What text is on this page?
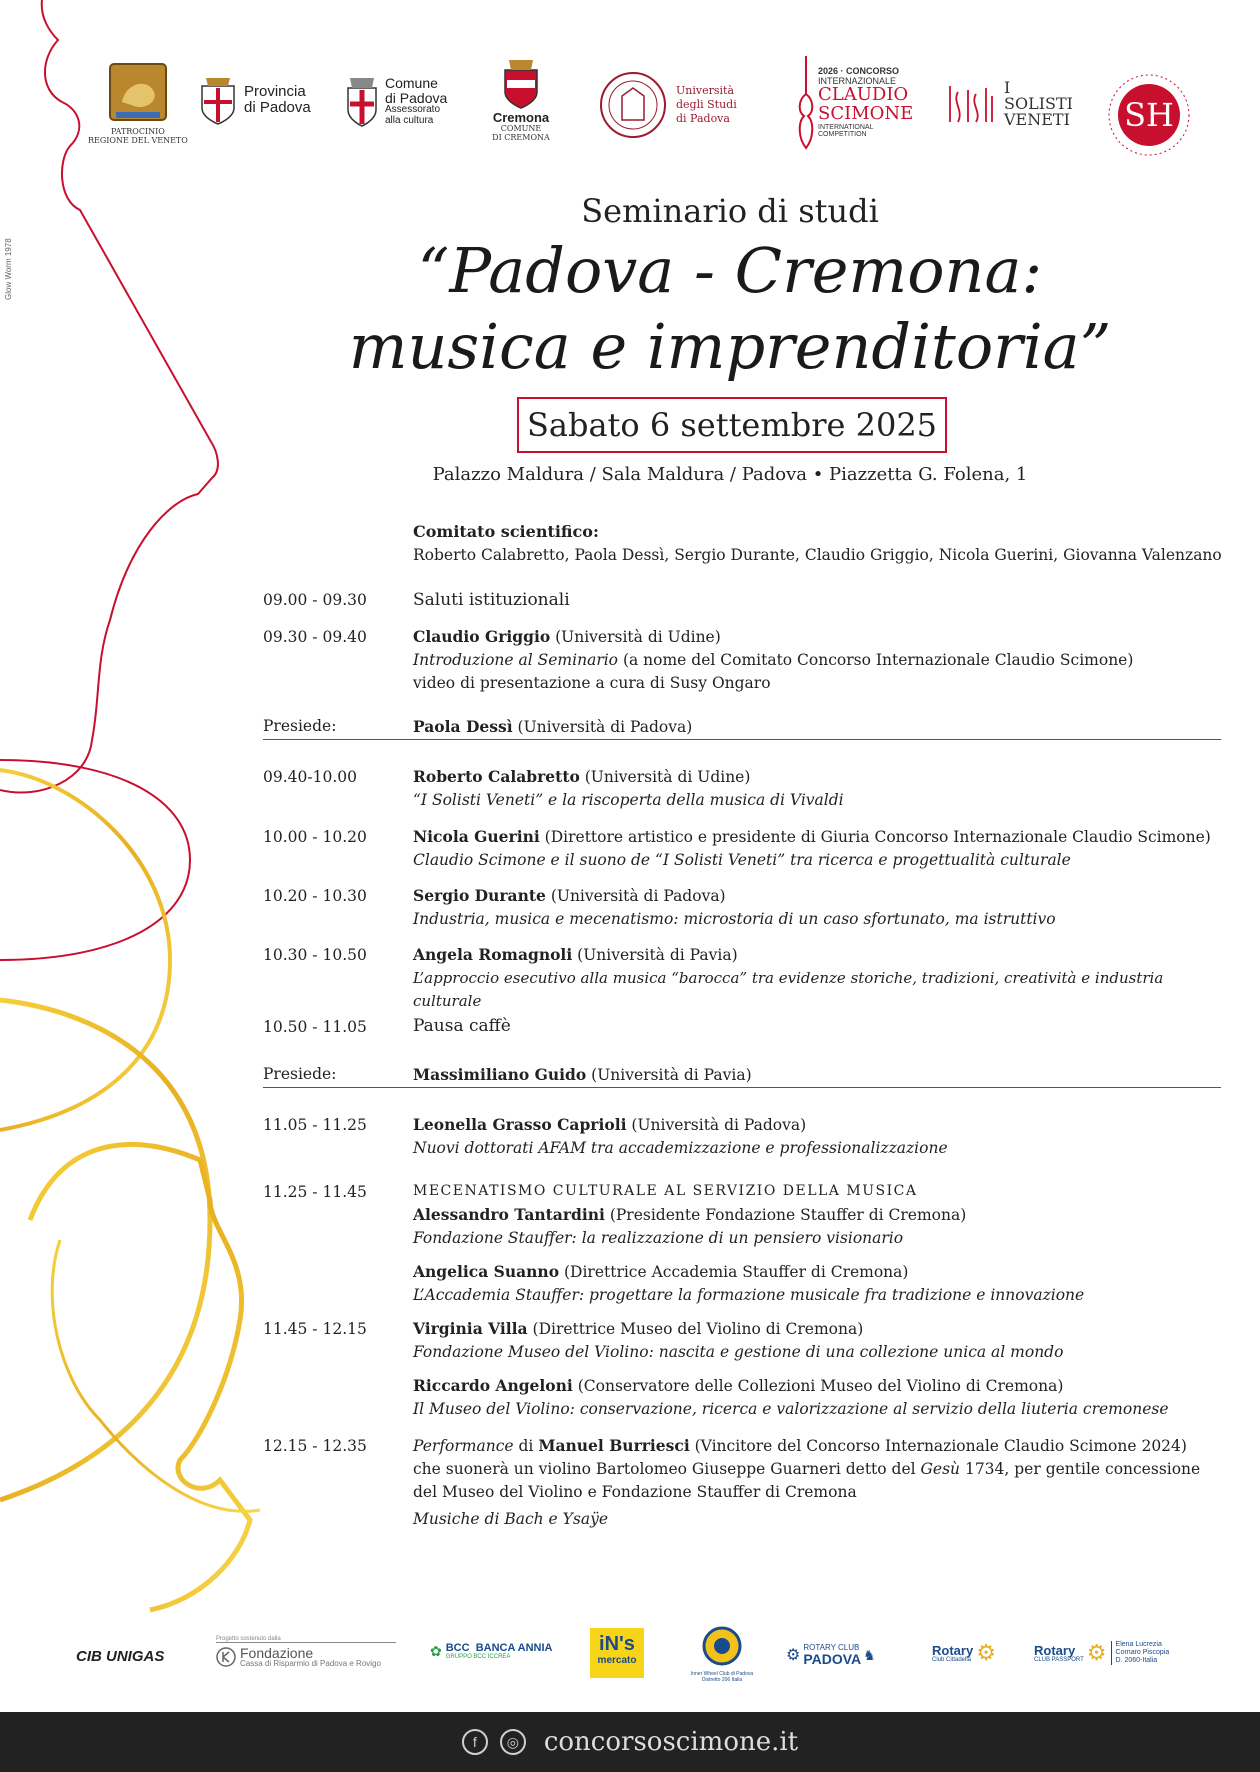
Glow Worm 1978
PATROCINIO
REGIONE DEL VENETO
Provincia
di Padova
Comune
di Padova
Assessorato
alla cultura	Cremona
COMUNE
DI CREMONA
Università
degli Studi
di Padova
2026 · CONCORSO
INTERNAZIONALE
CLAUDIO
SCIMONE
INTERNATIONAL
COMPETITION
I
SOLISTI
VENETI	SH
Seminario di studi
“Padova - Cremona:
musica e imprenditoria”
Sabato 6 settembre 2025
Palazzo Maldura / Sala Maldura / Padova • Piazzetta G. Folena, 1
Comitato scientifico:
Roberto Calabretto, Paola Dessì, Sergio Durante, Claudio Griggio, Nicola Guerini, Giovanna Valenzano
09.00 - 09.30	Saluti istituzionali
09.30 - 09.40	Claudio Griggio (Università di Udine)
Introduzione al Seminario (a nome del Comitato Concorso Internazionale Claudio Scimone)
video di presentazione a cura di Susy Ongaro
Presiede:	Paola Dessì (Università di Padova)
09.40-10.00	Roberto Calabretto (Università di Udine)
“I Solisti Veneti” e la riscoperta della musica di Vivaldi
10.00 - 10.20	Nicola Guerini (Direttore artistico e presidente di Giuria Concorso Internazionale Claudio Scimone)
Claudio Scimone e il suono de “I Solisti Veneti” tra ricerca e progettualità culturale
10.20 - 10.30	Sergio Durante (Università di Padova)
Industria, musica e mecenatismo: microstoria di un caso sfortunato, ma istruttivo
10.30 - 10.50	Angela Romagnoli (Università di Pavia)
L’approccio esecutivo alla musica “barocca” tra evidenze storiche, tradizioni, creatività e industria culturale
10.50 - 11.05	Pausa caffè
Presiede:	Massimiliano Guido (Università di Pavia)
11.05 - 11.25	Leonella Grasso Caprioli (Università di Padova)
Nuovi dottorati AFAM tra accademizzazione e professionalizzazione
11.25 - 11.45	MECENATISMO CULTURALE AL SERVIZIO DELLA MUSICA
Alessandro Tantardini (Presidente Fondazione Stauffer di Cremona)
Fondazione Stauffer: la realizzazione di un pensiero visionario
Angelica Suanno (Direttrice Accademia Stauffer di Cremona)
L’Accademia Stauffer: progettare la formazione musicale fra tradizione e innovazione
11.45 - 12.15	Virginia Villa (Direttrice Museo del Violino di Cremona)
Fondazione Museo del Violino: nascita e gestione di una collezione unica al mondo
Riccardo Angeloni (Conservatore delle Collezioni Museo del Violino di Cremona)
Il Museo del Violino: conservazione, ricerca e valorizzazione al servizio della liuteria cremonese
12.15 - 12.35	Performance di Manuel Burriesci (Vincitore del Concorso Internazionale Claudio Scimone 2024)
che suonerà un violino Bartolomeo Giuseppe Guarneri detto del Gesù 1734, per gentile concessione
del Museo del Violino e Fondazione Stauffer di Cremona
Musiche di Bach e Ysaÿe
CIB UNIGAS
Progetto sostenuto dalla
Fondazione
Cassa di Risparmio di Padova e Rovigo
✿ BCC BANCA ANNIA
GRUPPO BCC ICCREA
iN's
mercato
Inner Wheel Club di Padova
Distretto 206 Italia
⚙ ROTARY CLUB
PADOVA ♞	Rotary
Club Cittadella ⚙	Rotary
CLUB PASSPORT ⚙ Elena Lucrezia
Cornaro Piscopia
D. 2060-Italia
f	◎ concorsoscimone.it
